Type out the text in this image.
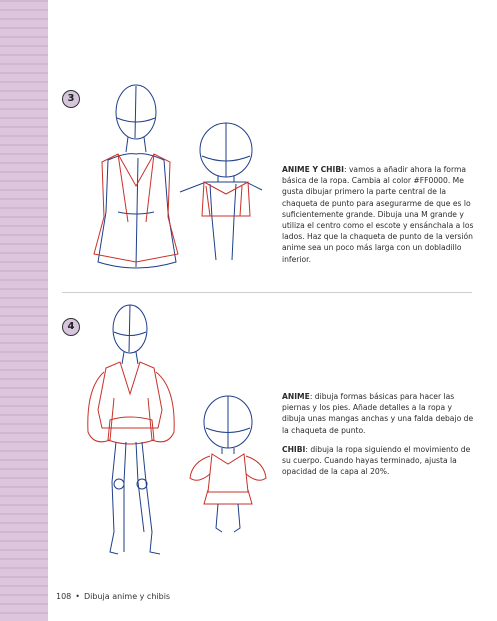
3

ANIME Y CHIBI: vamos a añadir ahora la forma básica de la ropa. Cambia al color #FF0000. Me gusta dibujar primero la parte central de la chaqueta de punto para asegurarme de que es lo suficientemente grande. Dibuja una M grande y utiliza el centro como el escote y ensánchala a los lados. Haz que la chaqueta de punto de la versión anime sea un poco más larga con un dobladillo inferior.

4

ANIME: dibuja formas básicas para hacer las piernas y los pies. Añade detalles a la ropa y dibuja unas mangas anchas y una falda debajo de la chaqueta de punto.

CHIBI: dibuja la ropa siguiendo el movimiento de su cuerpo. Cuando hayas terminado, ajusta la opacidad de la capa al 20%.

108 • Dibuja anime y chibis
